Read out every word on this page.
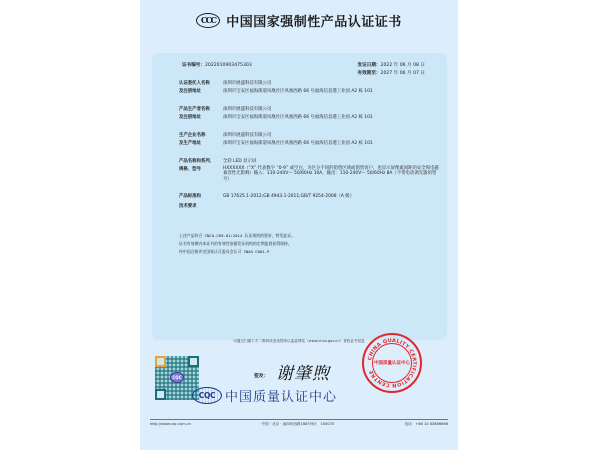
CCC 中国国家强制性产品认证证书
证书编号：2022010903475303	发证日期：2022 年 06 月 08 日
有效期至：2027 年 06 月 07 日
认证委托人名称	深圳市展盛科技有限公司
及注册地址	深圳市宝安区福海街道凤凰社区凤凰西路 66 号福海信息港工业园 A2 栋 101
产品生产者名称	深圳市展盛科技有限公司
及注册地址	深圳市宝安区福海街道凤凰社区凤凰西路 66 号福海信息港工业园 A2 栋 101
生产企业名称	深圳市展盛科技有限公司
及生产地址	深圳市宝安区福海街道凤凰社区凤凰西路 66 号福海信息港工业园 A2 栋 101
产品名称和系列、	全彩 LED 显示屏
规格、型号	HXXXXXX（“X” 代表数字 “0-9” 或空白，为区分不同的销售区域或销售客户，也显示屏像素间距的安全和电磁兼容性无影响）输入：110-240V～ 50/60Hz 10A，输出：110-240V～ 50/60Hz 8A（不带电动调光器的型号）
产品标准和	GB 17625.1-2012;GB 4943.1-2011;GB/T 9254-2008（A 级）
技术要求
上述产品符合 CNCA-C09-01:2014 认证规则的要求，特发此证。
证书有效期内本证书的有效性依据发证机构的定期监督获得保持。
经中国合格评定国家认可委员会认可 CNAS C001-P
可通过扫描下方二维码或登录国家认监委网站（www.cnca.gov.cn）查验证书信息
CQC	签发： 谢肇煦
CHINA QUALITY CERTIFICATION CENTRE
中国质量认证中心
CQC 中国质量认证中心
http://www.cqc.com.cn	中国 · 北京 · 南四环西路188号9区　100070	电话：+86 10 83886666
